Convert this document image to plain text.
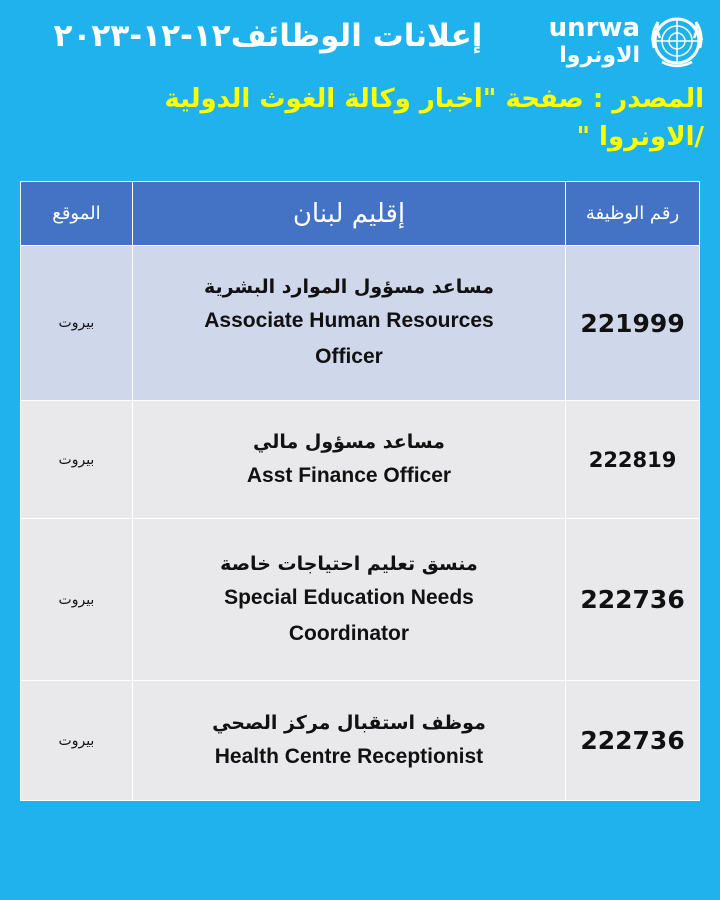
unrwa
الاونروا
إعلانات الوظائف١٢-١٢-٢٠٢٣
المصدر : صفحة "اخبار وكالة الغوث الدولية
/الاونروا "
رقم الوظيفة	إقليم لبنان	الموقع
221999	مساعد مسؤول الموارد البشرية
Associate Human Resources
Officer	بيروت
222819	مساعد مسؤول مالي
Asst Finance Officer	بيروت
222736	منسق تعليم احتياجات خاصة
Special Education Needs
Coordinator	بيروت
222736	موظف استقبال مركز الصحي
Health Centre Receptionist	بيروت
